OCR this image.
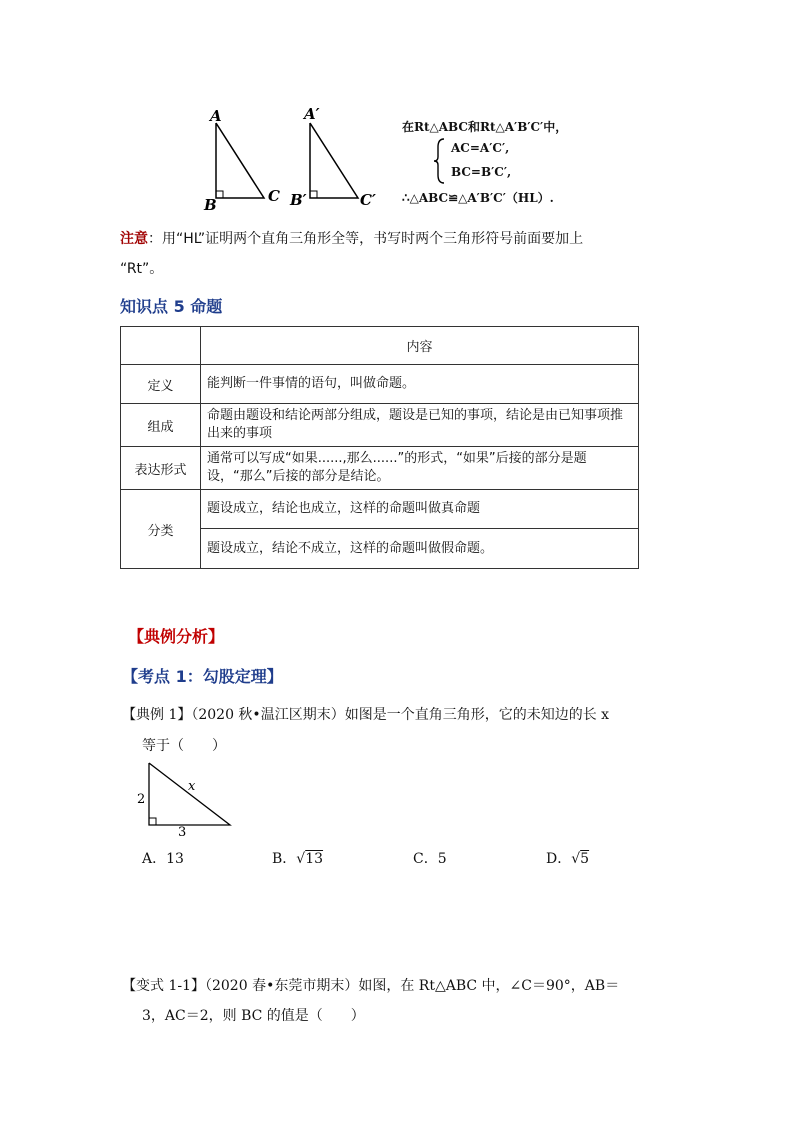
A
B	C
A′
B′	C′
在Rt△ABC和Rt△A′B′C′中，
AC=A′C′,
BC=B′C′,
∴△ABC≌△A′B′C′（HL）.
注意：用“HL”证明两个直角三角形全等，书写时两个三角形符号前面要加上
“Rt”。
知识点 5 命题
	内容
定义	能判断一件事情的语句，叫做命题。
组成	命题由题设和结论两部分组成，题设是已知的事项，结论是由已知事项推出来的事项
表达形式	通常可以写成“如果......,那么......”的形式，“如果”后接的部分是题设，“那么”后接的部分是结论。
分类	题设成立，结论也成立，这样的命题叫做真命题
	题设成立，结论不成立，这样的命题叫做假命题。
【典例分析】
【考点 1：勾股定理】
【典例 1】（2020 秋•温江区期末）如图是一个直角三角形，它的未知边的长 x
等于（　　）
2
3
x
A．13	B．√13	C．5	D．√5
【变式 1-1】（2020 春•东莞市期末）如图，在 Rt△ABC 中，∠C＝90°，AB＝
3，AC＝2，则 BC 的值是（　　）
